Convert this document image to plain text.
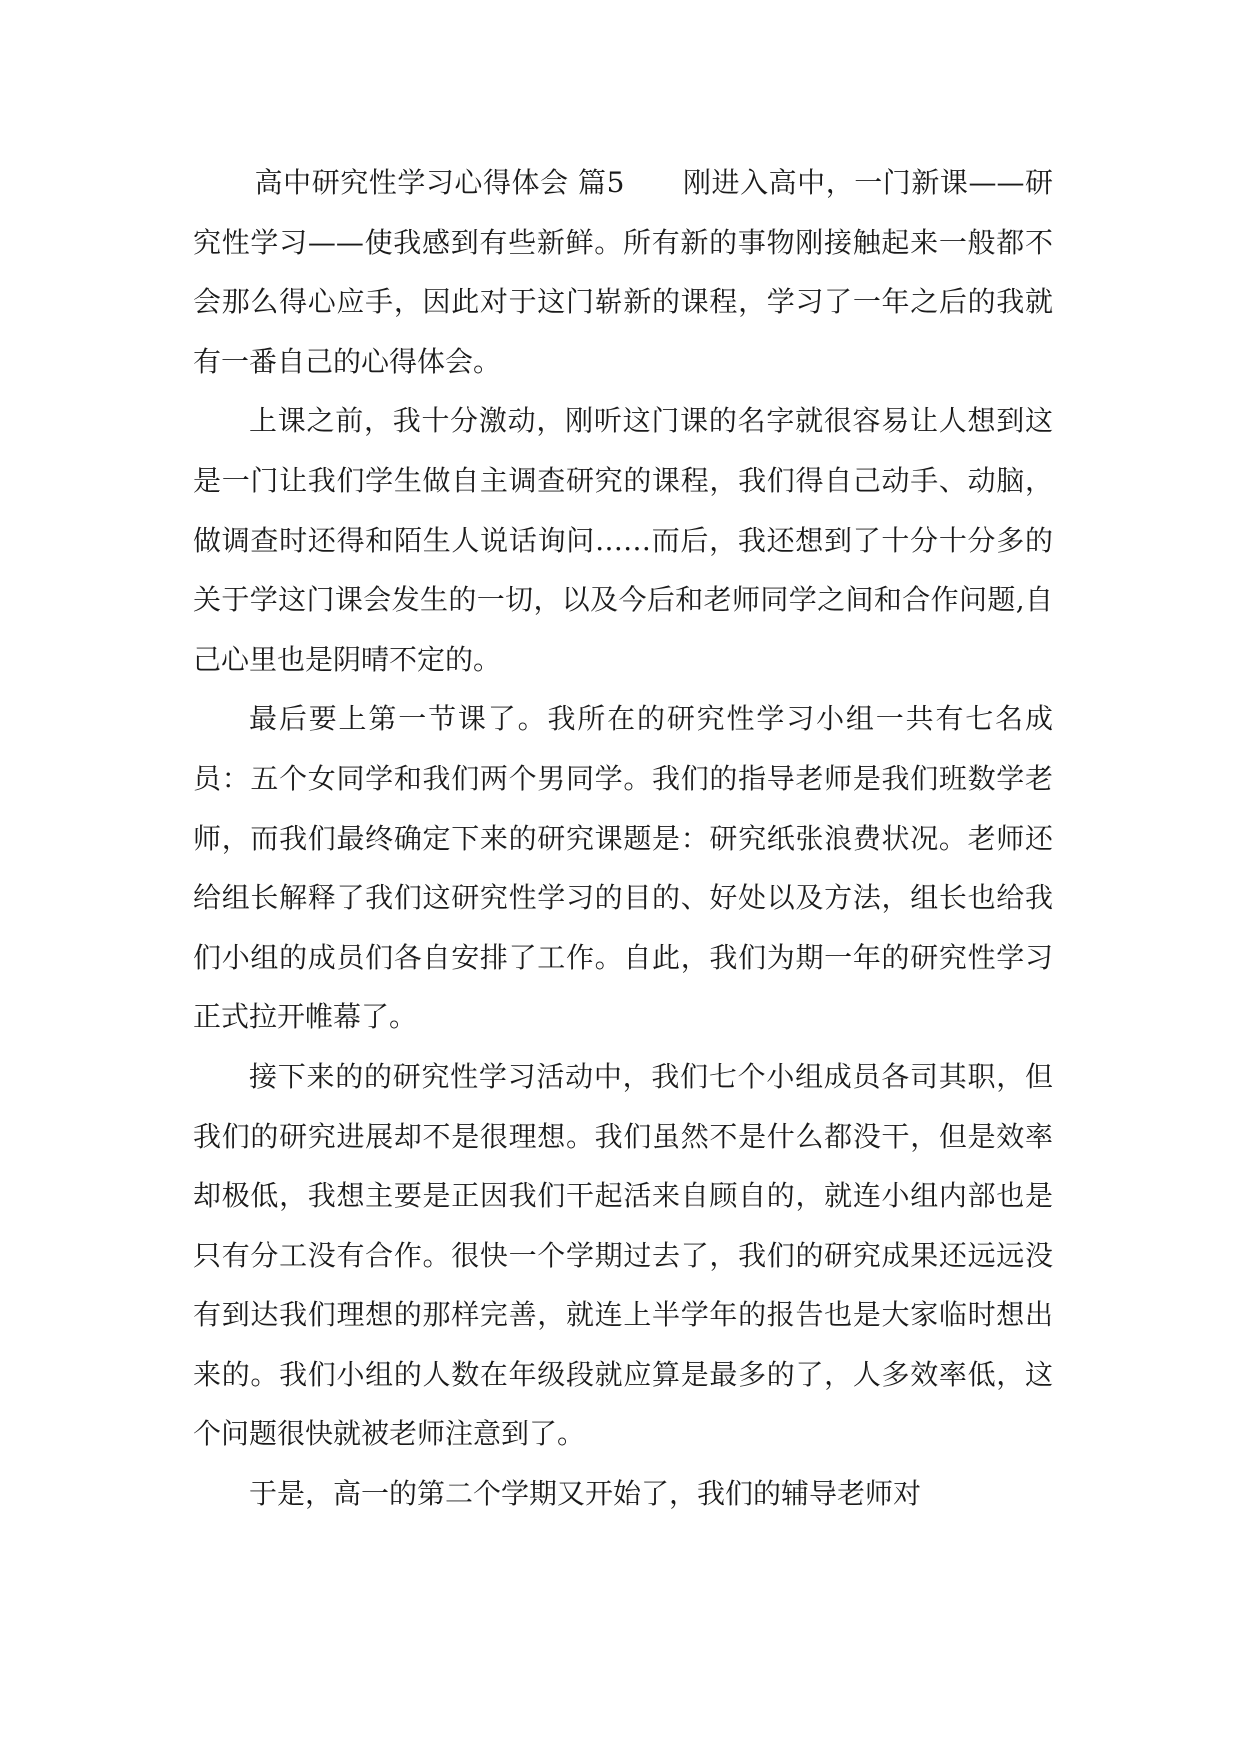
高中研究性学习心得体会 篇5 刚进入高中，一门新课——研究性学习——使我感到有些新鲜。所有新的事物刚接触起来一般都不会那么得心应手，因此对于这门崭新的课程，学习了一年之后的我就有一番自己的心得体会。

上课之前，我十分激动，刚听这门课的名字就很容易让人想到这是一门让我们学生做自主调查研究的课程，我们得自己动手、动脑，做调查时还得和陌生人说话询问……而后，我还想到了十分十分多的关于学这门课会发生的一切，以及今后和老师同学之间和合作问题,自己心里也是阴晴不定的。

最后要上第一节课了。我所在的研究性学习小组一共有七名成员：五个女同学和我们两个男同学。我们的指导老师是我们班数学老师，而我们最终确定下来的研究课题是：研究纸张浪费状况。老师还给组长解释了我们这研究性学习的目的、好处以及方法，组长也给我们小组的成员们各自安排了工作。自此，我们为期一年的研究性学习正式拉开帷幕了。

接下来的的研究性学习活动中，我们七个小组成员各司其职，但我们的研究进展却不是很理想。我们虽然不是什么都没干，但是效率却极低，我想主要是正因我们干起活来自顾自的，就连小组内部也是只有分工没有合作。很快一个学期过去了，我们的研究成果还远远没有到达我们理想的那样完善，就连上半学年的报告也是大家临时想出来的。我们小组的人数在年级段就应算是最多的了，人多效率低，这个问题很快就被老师注意到了。

于是，高一的第二个学期又开始了，我们的辅导老师对
